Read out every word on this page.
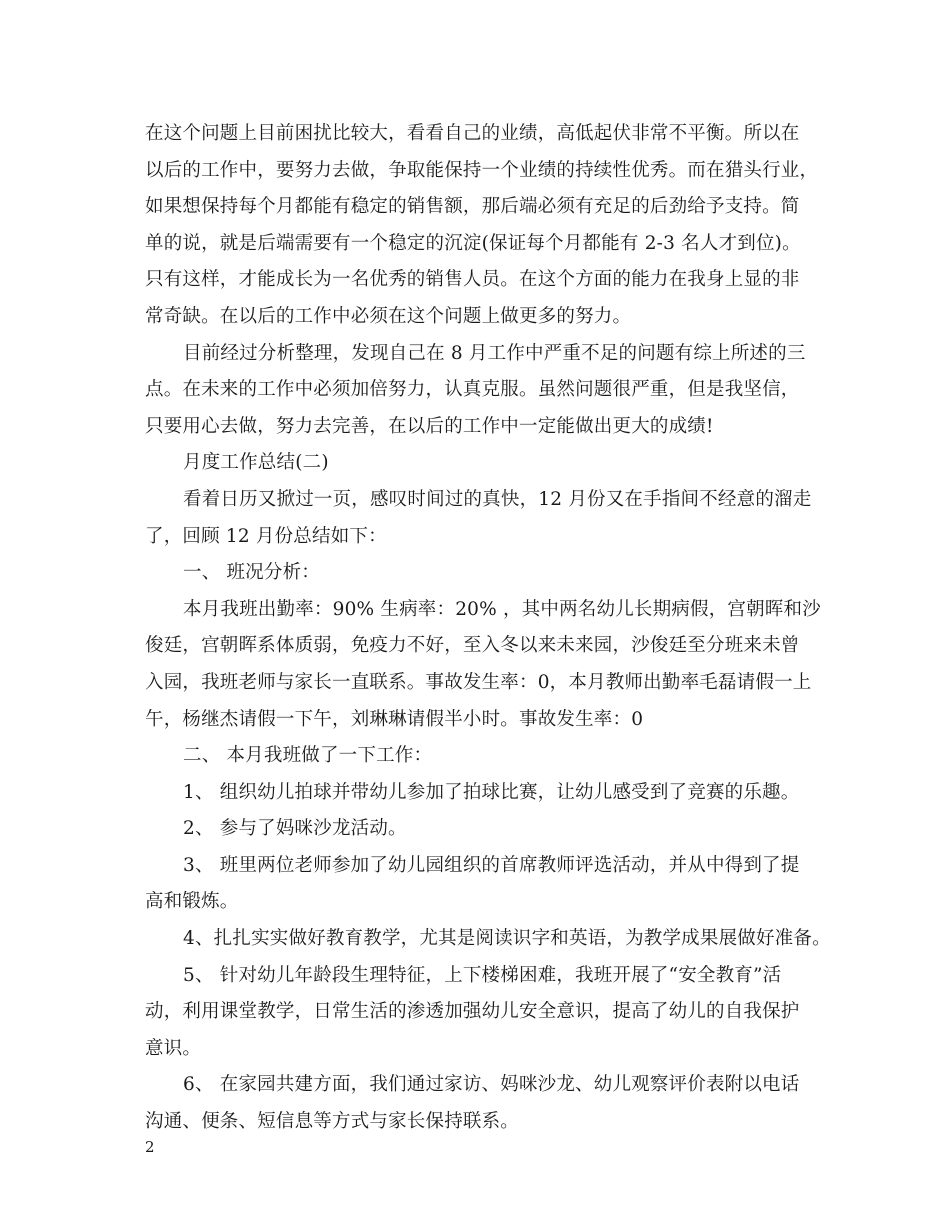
在这个问题上目前困扰比较大，看看自己的业绩，高低起伏非常不平衡。所以在
以后的工作中，要努力去做，争取能保持一个业绩的持续性优秀。而在猎头行业，
如果想保持每个月都能有稳定的销售额，那后端必须有充足的后劲给予支持。简
单的说，就是后端需要有一个稳定的沉淀(保证每个月都能有 2-3 名人才到位)。
只有这样，才能成长为一名优秀的销售人员。在这个方面的能力在我身上显的非
常奇缺。在以后的工作中必须在这个问题上做更多的努力。
目前经过分析整理，发现自己在 8 月工作中严重不足的问题有综上所述的三
点。在未来的工作中必须加倍努力，认真克服。虽然问题很严重，但是我坚信，
只要用心去做，努力去完善，在以后的工作中一定能做出更大的成绩!
月度工作总结(二)
看着日历又掀过一页，感叹时间过的真快，12 月份又在手指间不经意的溜走
了，回顾 12 月份总结如下：
一、 班况分析：
本月我班出勤率：90% 生病率：20% ，其中两名幼儿长期病假，宫朝晖和沙
俊廷，宫朝晖系体质弱，免疫力不好，至入冬以来未来园，沙俊廷至分班来未曾
入园，我班老师与家长一直联系。事故发生率：0，本月教师出勤率毛磊请假一上
午，杨继杰请假一下午，刘琳琳请假半小时。事故发生率：0
二、 本月我班做了一下工作：
1、 组织幼儿拍球并带幼儿参加了拍球比赛，让幼儿感受到了竞赛的乐趣。
2、 参与了妈咪沙龙活动。
3、 班里两位老师参加了幼儿园组织的首席教师评选活动，并从中得到了提
高和锻炼。
4、扎扎实实做好教育教学，尤其是阅读识字和英语，为教学成果展做好准备。
5、 针对幼儿年龄段生理特征，上下楼梯困难，我班开展了“安全教育”活
动，利用课堂教学，日常生活的渗透加强幼儿安全意识，提高了幼儿的自我保护
意识。
6、 在家园共建方面，我们通过家访、妈咪沙龙、幼儿观察评价表附以电话
沟通、便条、短信息等方式与家长保持联系。
2
